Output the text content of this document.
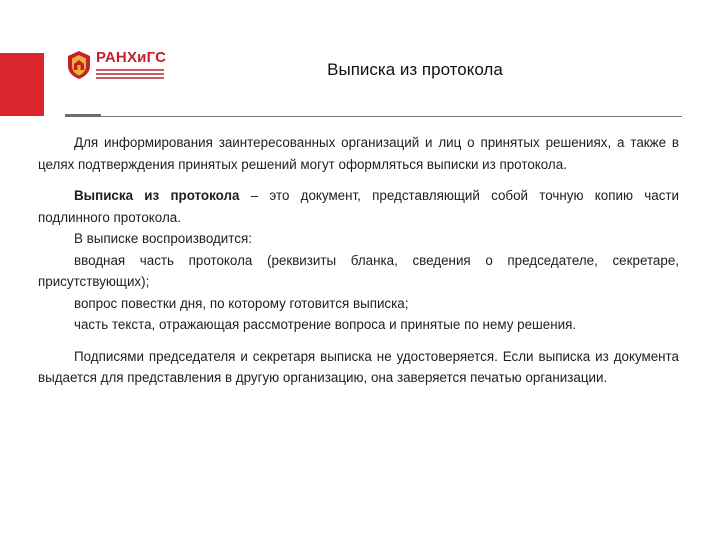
РАНХиГС
Выписка из протокола

Для информирования заинтересованных организаций и лиц о принятых решениях, а также в целях подтверждения принятых решений могут оформляться выписки из протокола.

Выписка из протокола – это документ, представляющий собой точную копию части подлинного протокола.

В выписке воспроизводится:

вводная часть протокола (реквизиты бланка, сведения о председателе, секретаре, присутствующих);

вопрос повестки дня, по которому готовится выписка;

часть текста, отражающая рассмотрение вопроса и принятые по нему решения.

Подписями председателя и секретаря выписка не удостоверяется. Если выписка из документа выдается для представления в другую организацию, она заверяется печатью организации.
